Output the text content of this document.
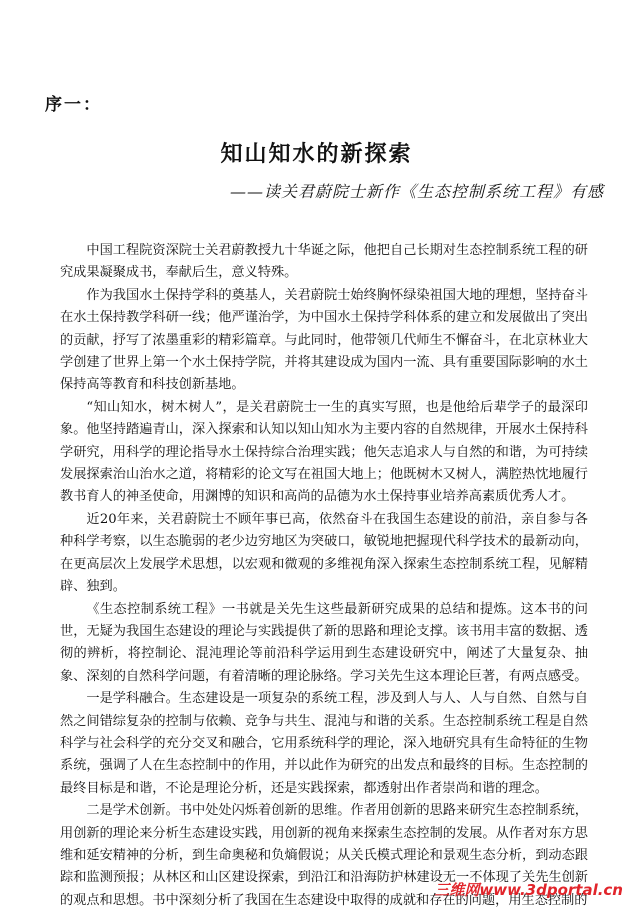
序一：
知山知水的新探索
——读关君蔚院士新作《生态控制系统工程》有感

中国工程院资深院士关君蔚教授九十华诞之际，他把自己长期对生态控制系统工程的研究成果凝聚成书，奉献后生，意义特殊。

作为我国水土保持学科的奠基人，关君蔚院士始终胸怀绿染祖国大地的理想，坚持奋斗在水土保持教学科研一线；他严谨治学，为中国水土保持学科体系的建立和发展做出了突出的贡献，抒写了浓墨重彩的精彩篇章。与此同时，他带领几代师生不懈奋斗，在北京林业大学创建了世界上第一个水土保持学院，并将其建设成为国内一流、具有重要国际影响的水土保持高等教育和科技创新基地。

“知山知水，树木树人”，是关君蔚院士一生的真实写照，也是他给后辈学子的最深印象。他坚持踏遍青山，深入探索和认知以知山知水为主要内容的自然规律，开展水土保持科学研究，用科学的理论指导水土保持综合治理实践；他矢志追求人与自然的和谐，为可持续发展探索治山治水之道，将精彩的论文写在祖国大地上；他既树木又树人，满腔热忱地履行教书育人的神圣使命，用渊博的知识和高尚的品德为水土保持事业培养高素质优秀人才。

近20年来，关君蔚院士不顾年事已高，依然奋斗在我国生态建设的前沿，亲自参与各种科学考察，以生态脆弱的老少边穷地区为突破口，敏锐地把握现代科学技术的最新动向，在更高层次上发展学术思想，以宏观和微观的多维视角深入探索生态控制系统工程，见解精辟、独到。

《生态控制系统工程》一书就是关先生这些最新研究成果的总结和提炼。这本书的问世，无疑为我国生态建设的理论与实践提供了新的思路和理论支撑。该书用丰富的数据、透彻的辨析，将控制论、混沌理论等前沿科学运用到生态建设研究中，阐述了大量复杂、抽象、深刻的自然科学问题，有着清晰的理论脉络。学习关先生这本理论巨著，有两点感受。

一是学科融合。生态建设是一项复杂的系统工程，涉及到人与人、人与自然、自然与自然之间错综复杂的控制与依赖、竞争与共生、混沌与和谐的关系。生态控制系统工程是自然科学与社会科学的充分交叉和融合，它用系统科学的理论，深入地研究具有生命特征的生物系统，强调了人在生态控制中的作用，并以此作为研究的出发点和最终的目标。生态控制的最终目标是和谐，不论是理论分析，还是实践探索，都透射出作者崇尚和谐的理念。

二是学术创新。书中处处闪烁着创新的思维。作者用创新的思路来研究生态控制系统，用创新的理论来分析生态建设实践，用创新的视角来探索生态控制的发展。从作者对东方思维和延安精神的分析，到生命奥秘和负熵假说；从关氏模式理论和景观生态分析，到动态跟踪和监测预报；从林区和山区建设探索，到沿江和沿海防护林建设无一不体现了关先生创新的观点和思想。书中深刻分析了我国在生态建设中取得的成就和存在的问题，用生态控制的

三维网www.3dportal.cn
